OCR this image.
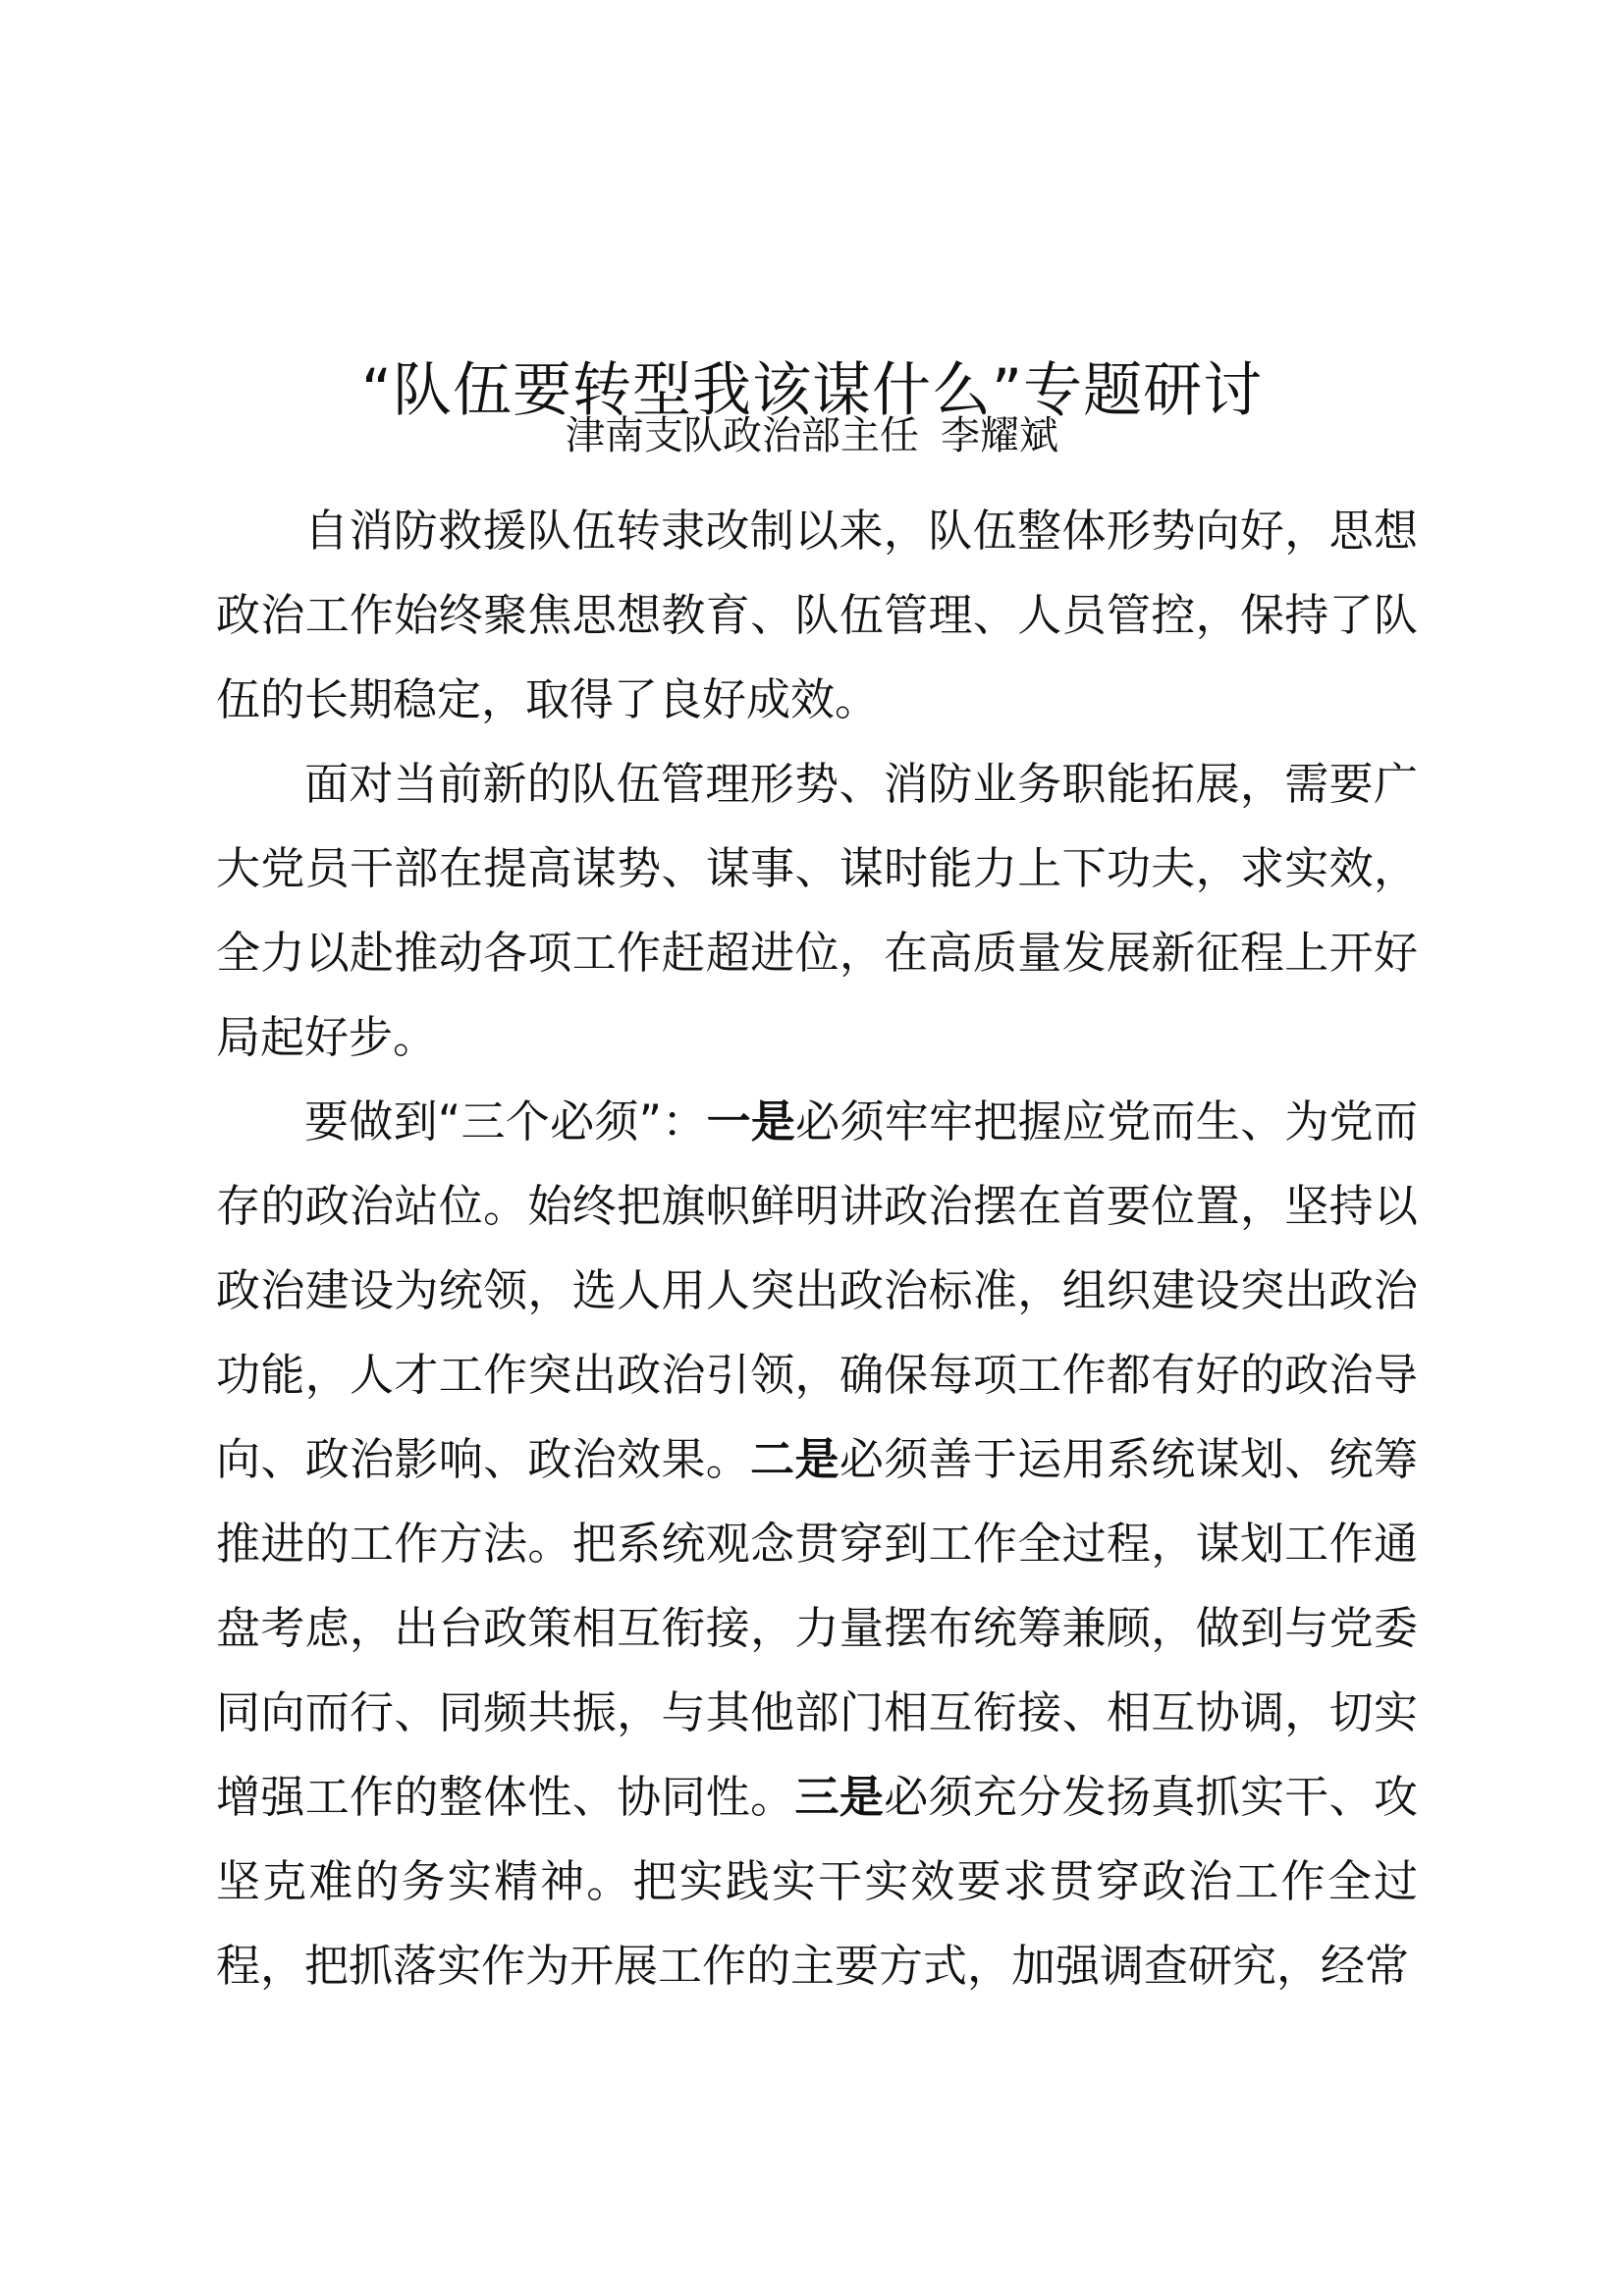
“队伍要转型我该谋什么”专题研讨
津南支队政治部主任 李耀斌

自消防救援队伍转隶改制以来，队伍整体形势向好，思想政治工作始终聚焦思想教育、队伍管理、人员管控，保持了队伍的长期稳定，取得了良好成效。

面对当前新的队伍管理形势、消防业务职能拓展，需要广大党员干部在提高谋势、谋事、谋时能力上下功夫，求实效，全力以赴推动各项工作赶超进位，在高质量发展新征程上开好局起好步。

要做到“三个必须”：一是必须牢牢把握应党而生、为党而存的政治站位。始终把旗帜鲜明讲政治摆在首要位置，坚持以政治建设为统领，选人用人突出政治标准，组织建设突出政治功能，人才工作突出政治引领，确保每项工作都有好的政治导向、政治影响、政治效果。二是必须善于运用系统谋划、统筹推进的工作方法。把系统观念贯穿到工作全过程，谋划工作通盘考虑，出台政策相互衔接，力量摆布统筹兼顾，做到与党委同向而行、同频共振，与其他部门相互衔接、相互协调，切实增强工作的整体性、协同性。三是必须充分发扬真抓实干、攻坚克难的务实精神。把实践实干实效要求贯穿政治工作全过程，把抓落实作为开展工作的主要方式，加强调查研究，经常
